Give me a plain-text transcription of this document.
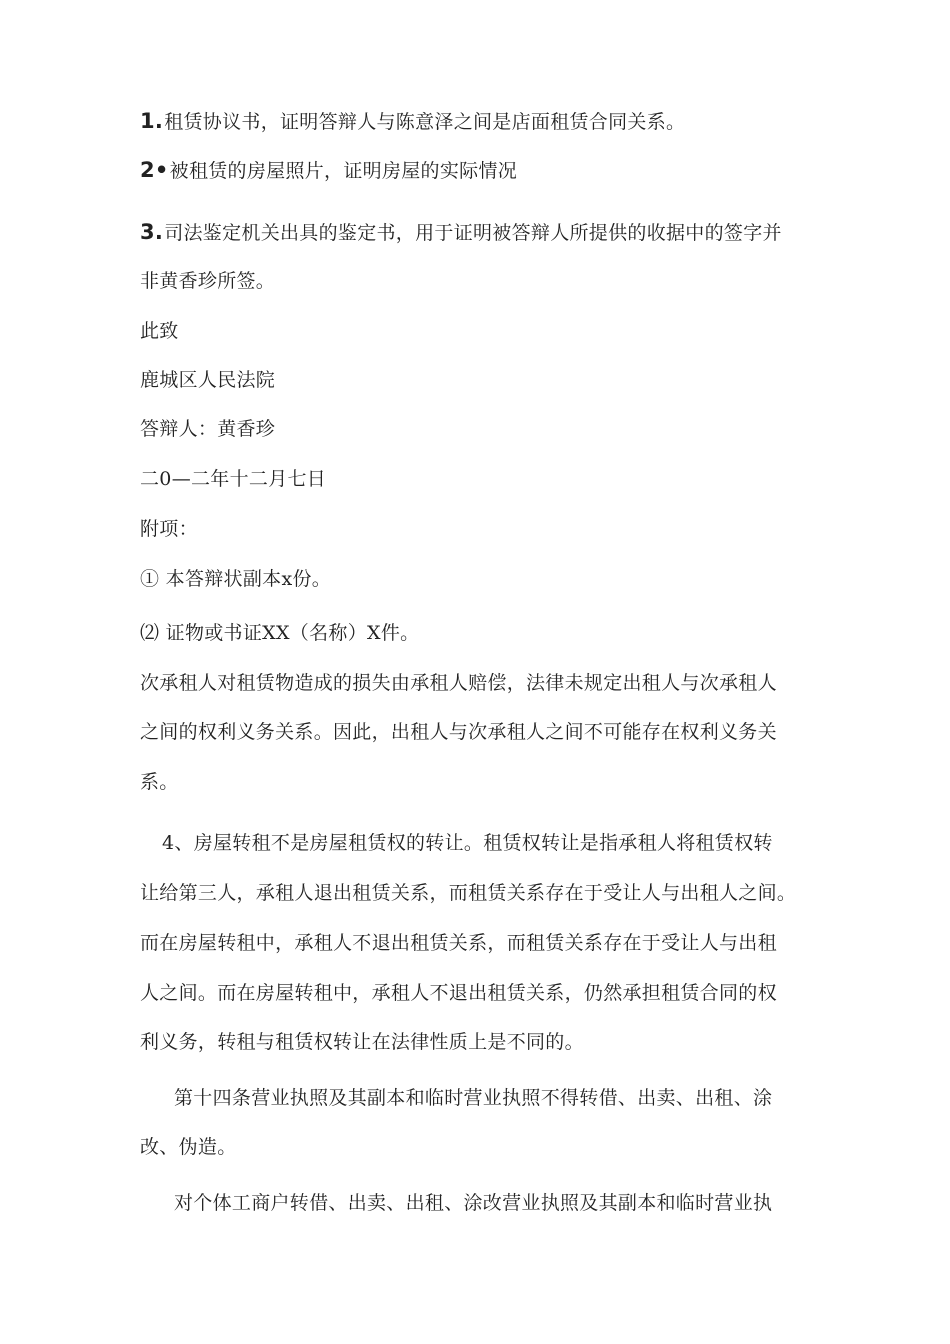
1.租赁协议书，证明答辩人与陈意泽之间是店面租赁合同关系。
2•被租赁的房屋照片，证明房屋的实际情况
3.司法鉴定机关出具的鉴定书，用于证明被答辩人所提供的收据中的签字并
非黄香珍所签。
此致
鹿城区人民法院
答辩人：黄香珍
二0—二年十二月七日
附项：
① 本答辩状副本x份。
⑵ 证物或书证XX（名称）X件。
次承租人对租赁物造成的损失由承租人赔偿，法律未规定出租人与次承租人
之间的权利义务关系。因此，出租人与次承租人之间不可能存在权利义务关
系。
4、房屋转租不是房屋租赁权的转让。租赁权转让是指承租人将租赁权转
让给第三人，承租人退出租赁关系，而租赁关系存在于受让人与出租人之间。
而在房屋转租中，承租人不退出租赁关系，而租赁关系存在于受让人与出租
人之间。而在房屋转租中，承租人不退出租赁关系，仍然承担租赁合同的权
利义务，转租与租赁权转让在法律性质上是不同的。
第十四条营业执照及其副本和临时营业执照不得转借、出卖、出租、涂
改、伪造。
对个体工商户转借、出卖、出租、涂改营业执照及其副本和临时营业执
